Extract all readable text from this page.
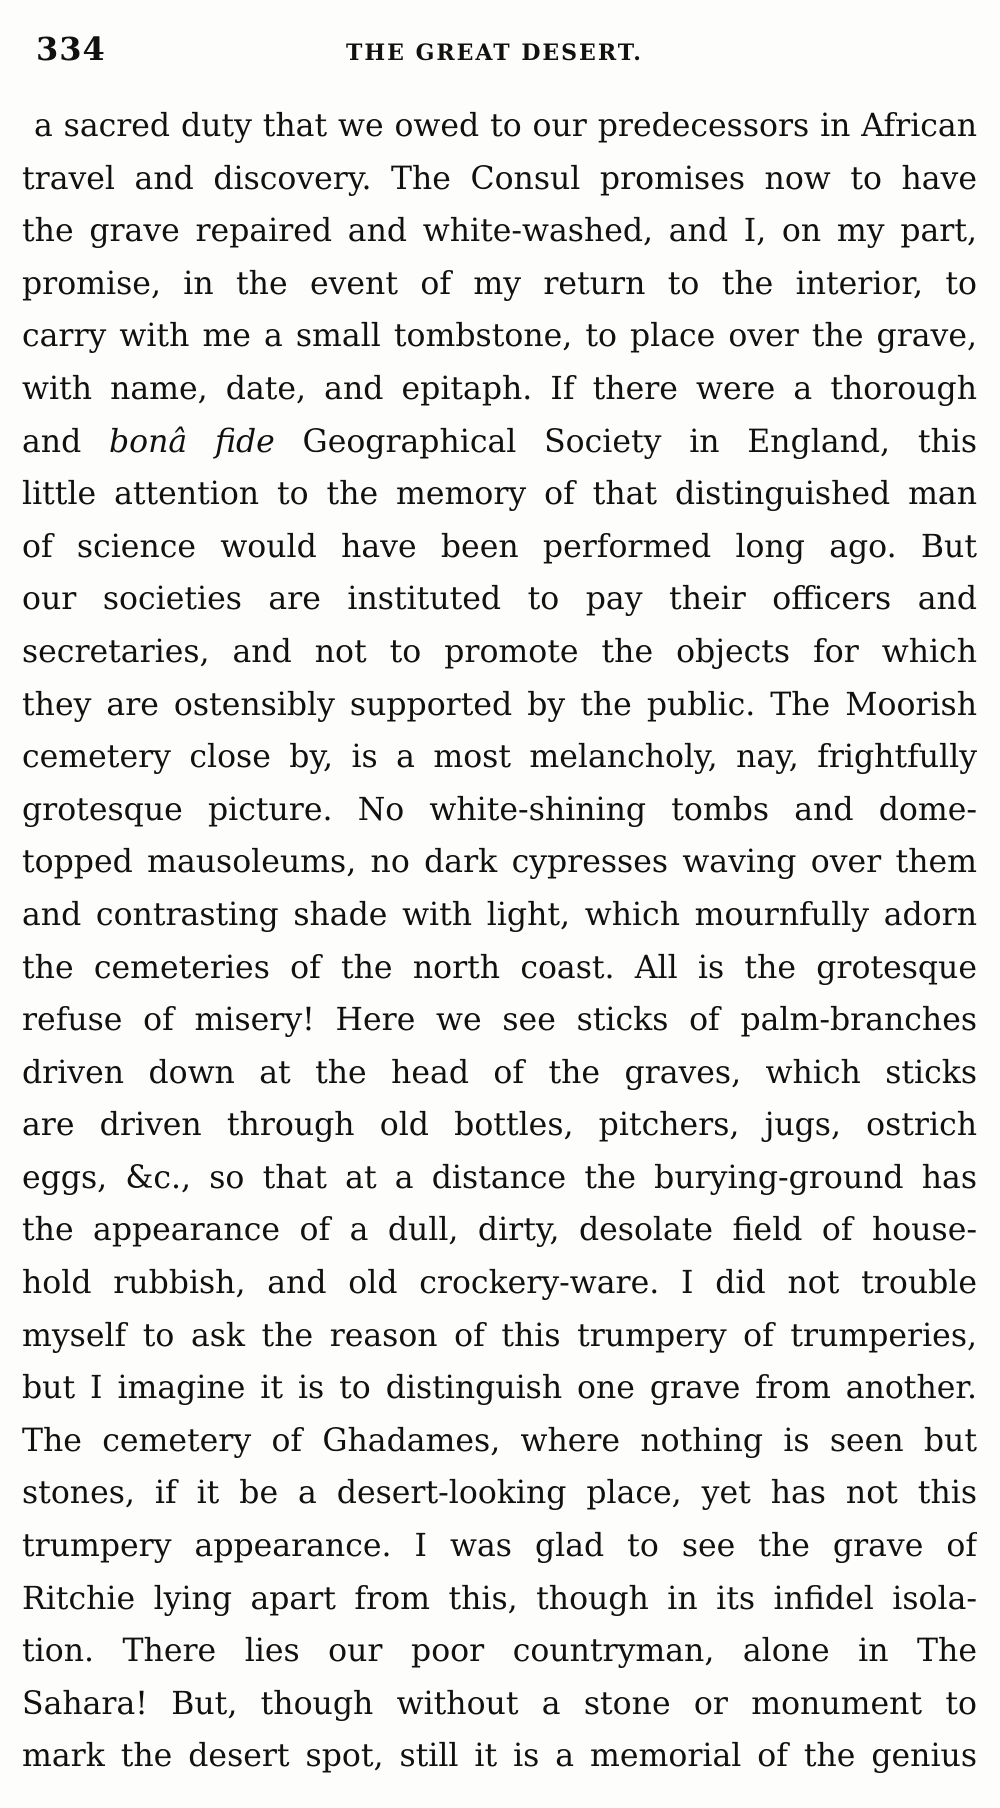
334	THE GREAT DESERT.
a sacred duty that we owed to our predecessors in African
travel and discovery. The Consul promises now to have
the grave repaired and white-washed, and I, on my part,
promise, in the event of my return to the interior, to
carry with me a small tombstone, to place over the grave,
with name, date, and epitaph. If there were a thorough
and bonâ fide Geographical Society in England, this
little attention to the memory of that distinguished man
of science would have been performed long ago. But
our societies are instituted to pay their officers and
secretaries, and not to promote the objects for which
they are ostensibly supported by the public. The Moorish
cemetery close by, is a most melancholy, nay, frightfully
grotesque picture. No white-shining tombs and dome-
topped mausoleums, no dark cypresses waving over them
and contrasting shade with light, which mournfully adorn
the cemeteries of the north coast. All is the grotesque
refuse of misery! Here we see sticks of palm-branches
driven down at the head of the graves, which sticks
are driven through old bottles, pitchers, jugs, ostrich
eggs, &c., so that at a distance the burying-ground has
the appearance of a dull, dirty, desolate field of house-
hold rubbish, and old crockery-ware. I did not trouble
myself to ask the reason of this trumpery of trumperies,
but I imagine it is to distinguish one grave from another.
The cemetery of Ghadames, where nothing is seen but
stones, if it be a desert-looking place, yet has not this
trumpery appearance. I was glad to see the grave of
Ritchie lying apart from this, though in its infidel isola-
tion. There lies our poor countryman, alone in The
Sahara! But, though without a stone or monument to
mark the desert spot, still it is a memorial of the genius
